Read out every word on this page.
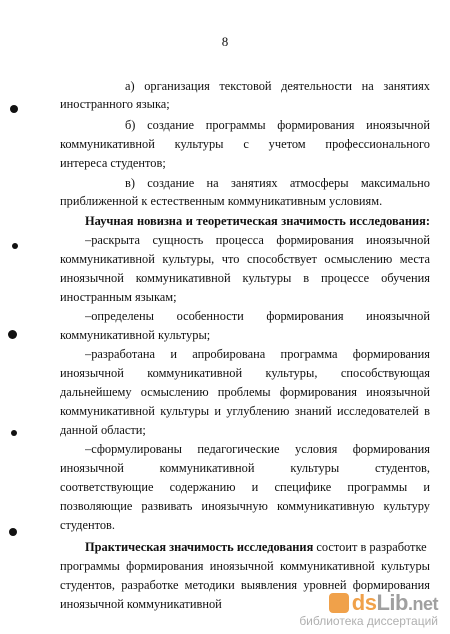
8
а) организация текстовой деятельности на занятиях
иностранного языка;
б) создание программы формирования иноязычной
коммуникативной культуры с учетом профессионального
интереса студентов;
в) создание на занятиях атмосферы максимально
приближенной к естественным коммуникативным условиям.
Научная новизна и теоретическая значимость исследования:
–раскрыта сущность процесса формирования иноязычной
коммуникативной культуры, что способствует осмыслению места
иноязычной коммуникативной культуры в процессе обучения
иностранным языкам;
–определены особенности формирования иноязычной
коммуникативной культуры;
–разработана и апробирована программа формирования
иноязычной коммуникативной культуры, способствующая
дальнейшему осмыслению проблемы формирования иноязычной
коммуникативной культуры и углублению знаний исследователей в
данной области;
–сформулированы педагогические условия формирования
иноязычной коммуникативной культуры студентов,
соответствующие содержанию и специфике программы и
позволяющие развивать иноязычную коммуникативную культуру
студентов.
Практическая значимость исследования состоит в разработке
программы формирования иноязычной коммуникативной культуры
студентов, разработке методики выявления уровней формирования
иноязычной коммуникативной	dsLib.net
библиотека диссертаций
